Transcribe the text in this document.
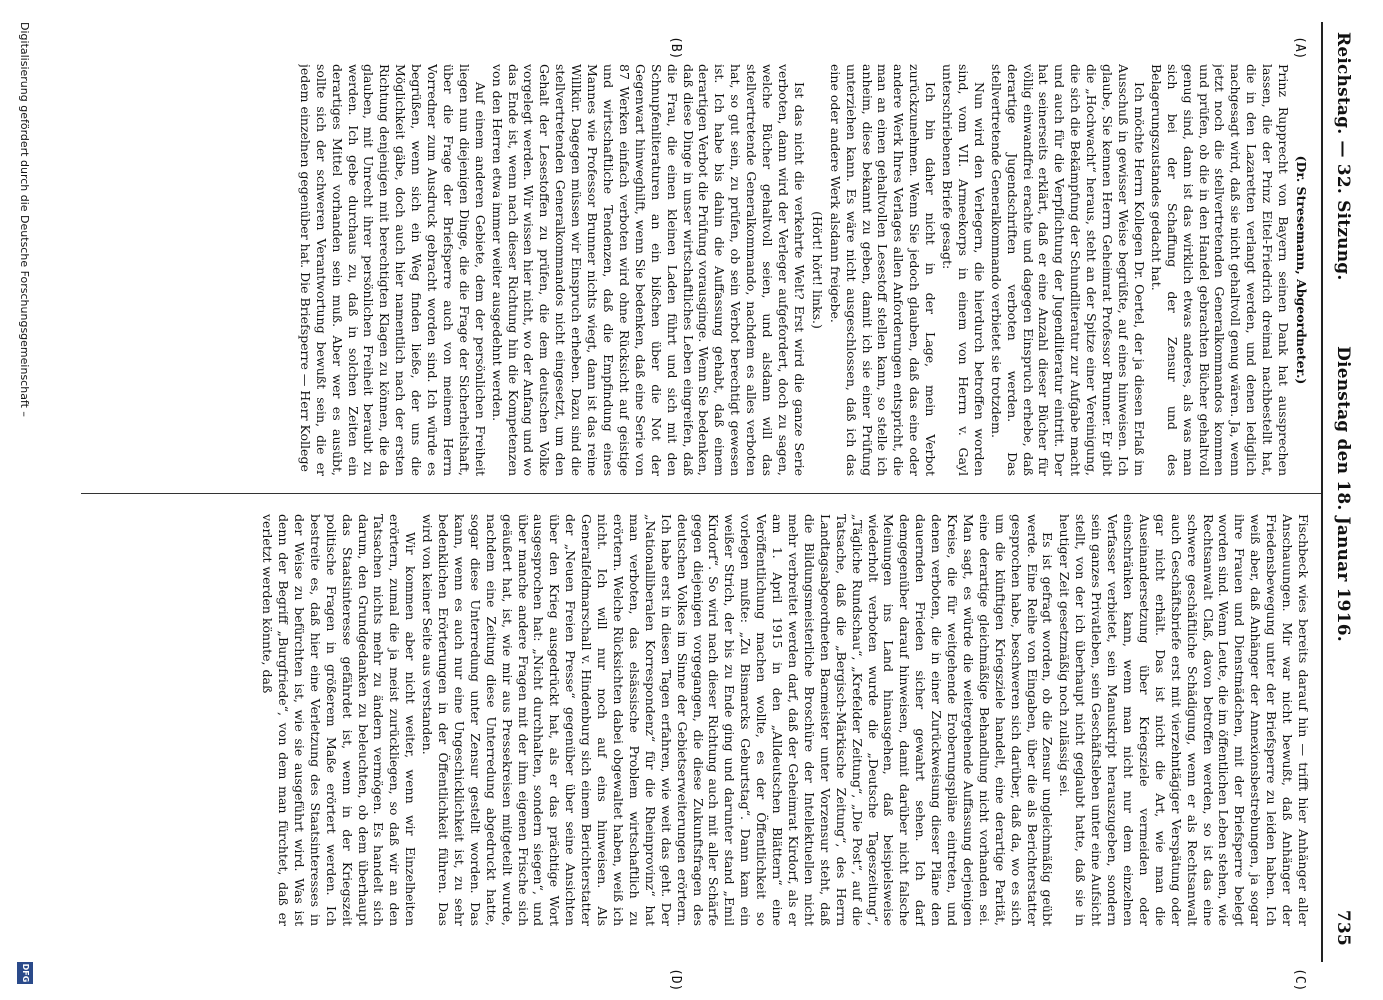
Reichstag. — 32. Sitzung.
Dienstag den 18. Januar 1916.
735
(A)
(B)
(C)
(D)

(Dr. Stresemann, Abgeordneter.)

Prinz Rupprecht von Bayern seinen Dank hat aussprechen lassen, die der Prinz Eitel-Friedrich dreimal nachbestellt hat, die in den Lazaretten verlangt werden, und denen lediglich nachgesagt wird, daß sie nicht gehaltvoll genug wären. Ja, wenn jetzt noch die stellvertretenden Generalkommandos kommen und prüfen, ob die in den Handel gebrachten Bücher gehaltvoll genug sind, dann ist das wirklich etwas anderes, als was man sich bei der Schaffung der Zensur und des Belagerungszustandes gedacht hat.

Ich möchte Herrn Kollegen Dr. Oertel, der ja diesen Erlaß im Ausschuß in gewisser Weise begrüßte, auf eines hinweisen. Ich glaube, Sie kennen Herrn Geheimrat Professor Brunner. Er gibt die „Hochwacht“ heraus, steht an der Spitze einer Vereinigung, die sich die Bekämpfung der Schundliteratur zur Aufgabe macht und auch für die Verpflichtung der Jugendliteratur eintritt. Der hat seinerseits erklärt, daß er eine Anzahl dieser Bücher für völlig einwandfrei erachte und dagegen Einspruch erhebe, daß derartige Jugendschriften verboten werden. Das stellvertretende Generalkommando verbietet sie trotzdem.

Nun wird den Verlegern, die hierdurch betroffen worden sind, vom VII. Armeekorps in einem von Herrn v. Gayl unterschriebenen Briefe gesagt:

Ich bin daher nicht in der Lage, mein Verbot zurückzunehmen. Wenn Sie jedoch glauben, daß das eine oder andere Werk Ihres Verlages allen Anforderungen entspricht, die man an einen gehaltvollen Lesestoff stellen kann, so stelle ich anheim, diese bekannt zu geben, damit ich sie einer Prüfung unterziehen kann. Es wäre nicht ausgeschlossen, daß ich das eine oder andere Werk alsdann freigebe.

(Hört! hört! links.)

Ist das nicht die verkehrte Welt? Erst wird die ganze Serie verboten, dann wird der Verleger aufgefordert, doch zu sagen, welche Bücher gehaltvoll seien, und alsdann will das stellvertretende Generalkommando, nachdem es alles verboten hat, so gut sein, zu prüfen, ob sein Verbot berechtigt gewesen ist. Ich habe bis dahin die Auffassung gehabt, daß einem derartigen Verbot die Prüfung vorausginge. Wenn Sie bedenken, daß diese Dinge in unser wirtschaftliches Leben eingreifen, daß die Frau, die einen kleinen Laden führt und sich mit den Schnupfenliteraturen an ein bißchen über die Not der Gegenwart hinweghilft, wenn Sie bedenken, daß eine Serie von 87 Werken einfach verboten wird ohne Rücksicht auf geistige und wirtschaftliche Tendenzen, daß die Empfindung eines Mannes wie Professor Brunner nichts wiegt, dann ist das reine Willkür. Dagegen müssen wir Einspruch erheben. Dazu sind die stellvertretenden Generalkommandos nicht eingesetzt, um den Gehalt der Lesestoffen zu prüfen, die dem deutschen Volke vorgelegt werden. Wir wissen hier nicht, wo der Anfang und wo das Ende ist, wenn nach dieser Richtung hin die Kompetenzen von den Herren etwa immer weiter ausgedehnt werden.

Auf einem anderen Gebiete, dem der persönlichen Freiheit liegen nun diejenigen Dinge, die die Frage der Sicherheitshaft, über die Frage der Briefsperre auch von meinem Herrn Vorredner zum Ausdruck gebracht worden sind. Ich würde es begrüßen, wenn sich ein Weg finden ließe, der uns die Möglichkeit gäbe, doch auch hier namentlich nach der ersten Richtung denjenigen mit berechtigten Klagen zu können, die da glauben, mit Unrecht ihrer persönlichen Freiheit beraubt zu werden. Ich gebe durchaus zu, daß in solchen Zeiten ein derartiges Mittel vorhanden sein muß. Aber wer es ausübt, sollte sich der schweren Verantwortung bewußt sein, die er jedem einzelnen gegenüber hat. Die Briefsperre — Herr Kollege

Fischbeck wies bereits darauf hin — trifft hier Anhänger aller Anschauungen. Mir war nicht bewußt, daß Anhänger der Friedensbewegung unter der Briefsperre zu leiden haben. Ich weiß aber, daß Anhänger der Annexionsbestrebungen, ja sogar ihre Frauen und Dienstmädchen, mit der Briefsperre belegt worden sind. Wenn Leute, die im öffentlichen Leben stehen, wie Rechtsanwalt Claß, davon betroffen werden, so ist das eine schwere geschäftliche Schädigung, wenn er als Rechtsanwalt auch Geschäftsbriefe erst mit vierzehntägiger Verspätung oder gar nicht erhält. Das ist nicht die Art, wie man die Auseinandersetzung über Kriegsziele vermeiden oder einschränken kann, wenn man nicht nur dem einzelnen Verfasser verbietet, sein Manuskript herauszugeben, sondern sein ganzes Privatleben, sein Geschäftsleben unter eine Aufsicht stellt, von der ich überhaupt nicht geglaubt hatte, daß sie in heutiger Zeit gesetzmäßig noch zulässig sei.

Es ist gefragt worden, ob die Zensur ungleichmäßig geübt werde. Eine Reihe von Eingaben, über die als Berichterstatter gesprochen habe, beschweren sich darüber, daß da, wo es sich um die künftigen Kriegsziele handelt, eine derartige Parität, eine derartige gleichmäßige Behandlung nicht vorhanden sei. Man sagt, es würde die weitergehende Auffassung derjenigen Kreise, die für weitgehende Eroberungspläne eintreten, und denen verboten, die in einer Zurückweisung dieser Pläne den dauernden Frieden sicher gewahrt sehen. Ich darf demgegenüber darauf hinweisen, damit darüber nicht falsche Meinungen ins Land hinausgehen, daß beispielsweise wiederholt verboten wurde die „Deutsche Tageszeitung“, „Tägliche Rundschau“, „Krefelder Zeitung“, „Die Post“, auf die Tatsache, daß die „Bergisch-Märkische Zeitung“, des Herrn Landtagsabgeordneten Bacmeister unter Vorzensur steht, daß die Bildungsmeisterliche Broschüre der Intellektuellen nicht mehr verbreitet werden darf, daß der Geheimrat Kirdorf, als er am 1. April 1915 in den „Alldeutschen Blättern“ eine Veröffentlichung machen wollte, es der Öffentlichkeit so vorlegen mußte: „Zu Bismarcks Geburtstag“. Dann kam ein weißer Strich, der bis zu Ende ging und darunter stand „Emil Kirdorf“. So wird nach dieser Richtung auch mit aller Schärfe gegen diejenigen vorgegangen, die diese Zukunftsfragen des deutschen Volkes im Sinne der Gebietserweiterungen erörtern. Ich habe erst in diesen Tagen erfahren, wie weit das geht. Der „Nationalliberalen Korrespondenz“ für die Rheinprovinz“ hat man verboten, das elsässische Problem wirtschaftlich zu erörtern. Welche Rücksichten dabei obgewaltet haben, weiß ich nicht. Ich will nur noch auf eins hinweisen. Als Generalfeldmarschall v. Hindenburg sich einem Berichterstatter der „Neuen Freien Presse“ gegenüber über seine Ansichten über den Krieg ausgedrückt hat, als er das prächtige Wort ausgesprochen hat: „Nicht durchhalten, sondern siegen“, und über manche andere Fragen mit der ihm eigenen Frische sich geäußert hat, ist, wie mir aus Pressekreisen mitgeteilt wurde, nachdem eine Zeitung diese Unterredung abgedruckt hatte, sogar diese Unterredung unter Zensur gestellt worden. Das kann, wenn es auch nur eine Ungeschicklichkeit ist, zu sehr bedenklichen Erörterungen in der Öffentlichkeit führen. Das wird von keiner Seite aus verstanden.

Wir kommen aber nicht weiter, wenn wir Einzelheiten erörtern, zumal die ja meist zurückliegen, so daß wir an den Tatsachen nichts mehr zu ändern vermögen. Es handelt sich darum, den Grundgedanken zu beleuchten, ob dem überhaupt das Staatsinteresse gefährdet ist, wenn in der Kriegszeit politische Fragen in größerem Maße erörtert werden. Ich bestreite es, daß hier eine Verletzung des Staatsinteresses in der Weise zu befürchten ist, wie sie ausgeführt wird. Was ist denn der Begriff „Burgfriede“, von dem man fürchtet, daß er verletzt werden könnte, daß

Digitalisierung gefördert durch die Deutsche Forschungsgemeinschaft –
DFG
